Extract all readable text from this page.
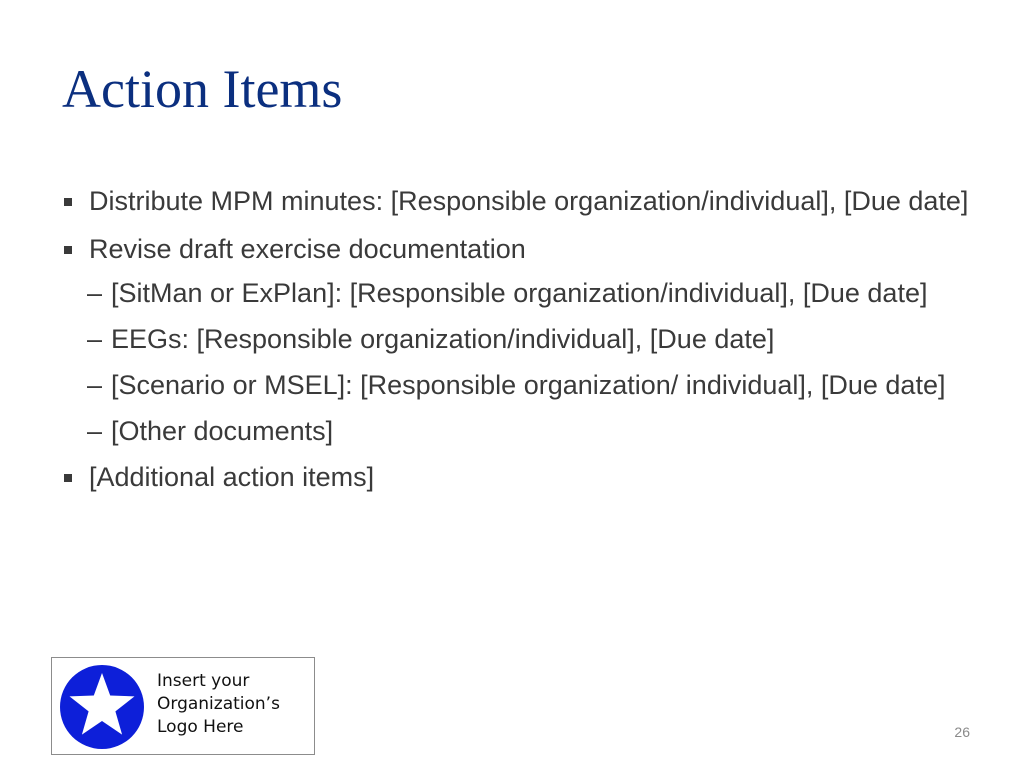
Action Items
Distribute MPM minutes: [Responsible organization/individual], [Due date]
Revise draft exercise documentation
– [SitMan or ExPlan]: [Responsible organization/individual], [Due date]
– EEGs: [Responsible organization/individual], [Due date]
– [Scenario or MSEL]: [Responsible organization/ individual], [Due date]
– [Other documents]
[Additional action items]
Insert your
Organization’s
Logo Here	26
